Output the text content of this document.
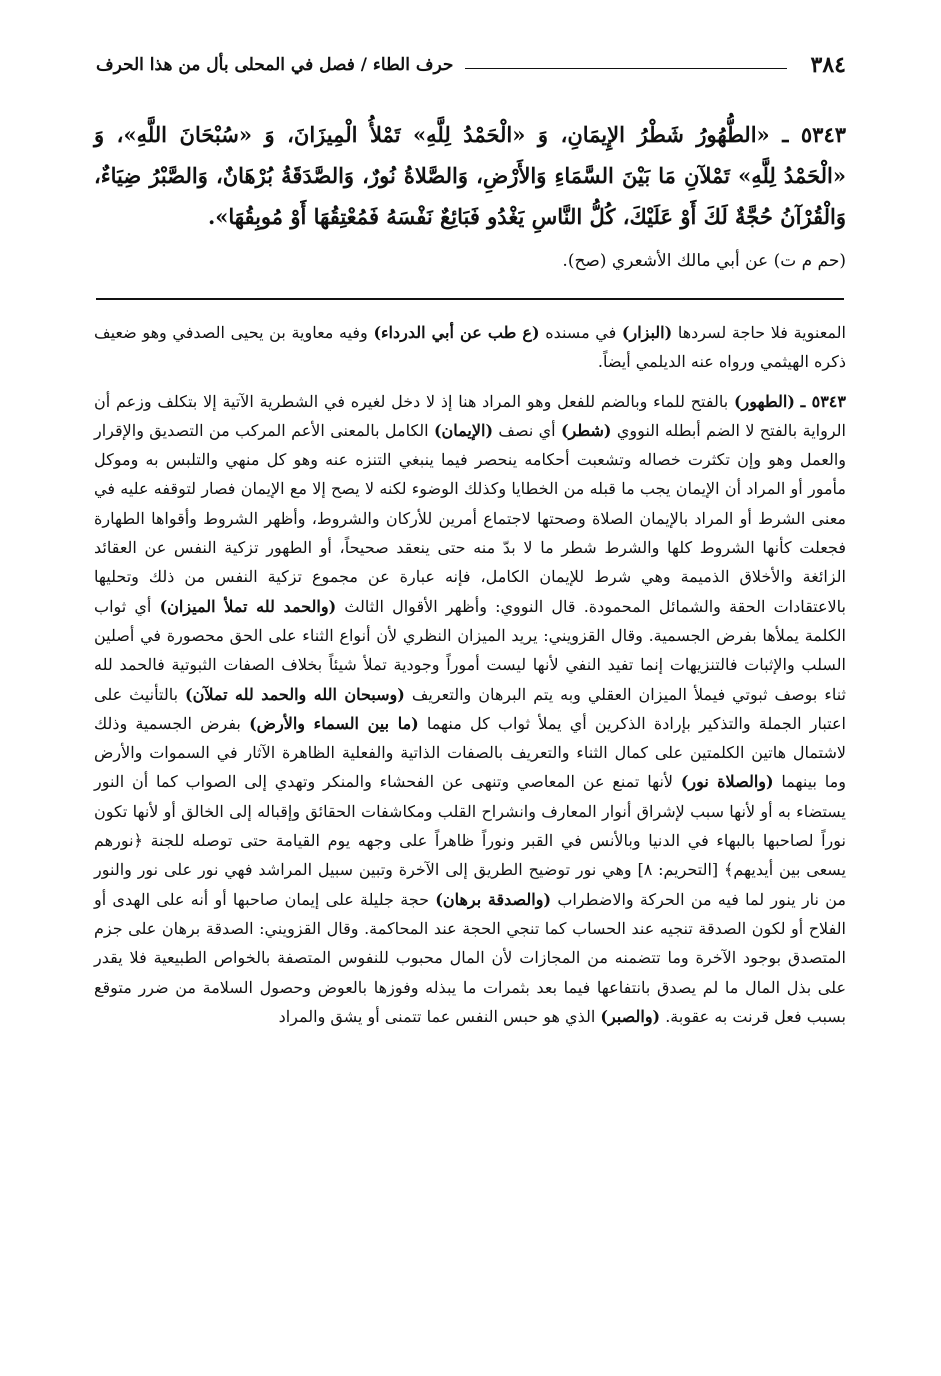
٣٨٤
حرف الطاء / فصل في المحلى بأل من هذا الحرف

٥٣٤٣ ـ «الطُّهُورُ شَطْرُ الإِيمَانِ، وَ «الْحَمْدُ لِلَّهِ» تَمْلأُ الْمِيزَانَ، وَ «سُبْحَانَ اللَّهِ»، وَ «الْحَمْدُ لِلَّهِ» تَمْلآنِ مَا بَيْنَ السَّمَاءِ وَالأَرْضِ، وَالصَّلاةُ نُورٌ، وَالصَّدَقَةُ بُرْهَانٌ، وَالصَّبْرُ ضِيَاءٌ، وَالْقُرْآنُ حُجَّةٌ لَكَ أَوْ عَلَيْكَ، كُلُّ النَّاسِ يَغْدُو فَبَائِعٌ نَفْسَهُ فَمُعْتِقُهَا أَوْ مُوبِقُهَا».

(حم م ت) عن أبي مالك الأشعري (صح).

المعنوية فلا حاجة لسردها (البزار) في مسنده (ع طب عن أبي الدرداء) وفيه معاوية بن يحيى الصدفي وهو ضعيف ذكره الهيثمي ورواه عنه الديلمي أيضاً.

٥٣٤٣ ـ (الطهور) بالفتح للماء وبالضم للفعل وهو المراد هنا إذ لا دخل لغيره في الشطرية الآتية إلا بتكلف وزعم أن الرواية بالفتح لا الضم أبطله النووي (شطر) أي نصف (الإيمان) الكامل بالمعنى الأعم المركب من التصديق والإقرار والعمل وهو وإن تكثرت خصاله وتشعبت أحكامه ينحصر فيما ينبغي التنزه عنه وهو كل منهي والتلبس به وموكل مأمور أو المراد أن الإيمان يجب ما قبله من الخطايا وكذلك الوضوء لكنه لا يصح إلا مع الإيمان فصار لتوقفه عليه في معنى الشرط أو المراد بالإيمان الصلاة وصحتها لاجتماع أمرين للأركان والشروط، وأظهر الشروط وأقواها الطهارة فجعلت كأنها الشروط كلها والشرط شطر ما لا بدّ منه حتى ينعقد صحيحاً، أو الطهور تزكية النفس عن العقائد الزائغة والأخلاق الذميمة وهي شرط للإيمان الكامل، فإنه عبارة عن مجموع تزكية النفس من ذلك وتحليها بالاعتقادات الحقة والشمائل المحمودة. قال النووي: وأظهر الأقوال الثالث (والحمد لله تملأ الميزان) أي ثواب الكلمة يملأها بفرض الجسمية. وقال القزويني: يريد الميزان النظري لأن أنواع الثناء على الحق محصورة في أصلين السلب والإثبات فالتنزيهات إنما تفيد النفي لأنها ليست أموراً وجودية تملأ شيئاً بخلاف الصفات الثبوتية فالحمد لله ثناء بوصف ثبوتي فيملأ الميزان العقلي وبه يتم البرهان والتعريف (وسبحان الله والحمد لله تملآن) بالتأنيث على اعتبار الجملة والتذكير بإرادة الذكرين أي يملأ ثواب كل منهما (ما بين السماء والأرض) بفرض الجسمية وذلك لاشتمال هاتين الكلمتين على كمال الثناء والتعريف بالصفات الذاتية والفعلية الظاهرة الآثار في السموات والأرض وما بينهما (والصلاة نور) لأنها تمنع عن المعاصي وتنهى عن الفحشاء والمنكر وتهدي إلى الصواب كما أن النور يستضاء به أو لأنها سبب لإشراق أنوار المعارف وانشراح القلب ومكاشفات الحقائق وإقباله إلى الخالق أو لأنها تكون نوراً لصاحبها بالبهاء في الدنيا وبالأنس في القبر ونوراً ظاهراً على وجهه يوم القيامة حتى توصله للجنة ﴿نورهم يسعى بين أيديهم﴾ [التحريم: ٨] وهي نور توضيح الطريق إلى الآخرة وتبين سبيل المراشد فهي نور على نور والنور من نار ينور لما فيه من الحركة والاضطراب (والصدقة برهان) حجة جليلة على إيمان صاحبها أو أنه على الهدى أو الفلاح أو لكون الصدقة تنجيه عند الحساب كما تنجي الحجة عند المحاكمة. وقال القزويني: الصدقة برهان على جزم المتصدق بوجود الآخرة وما تتضمنه من المجازات لأن المال محبوب للنفوس المتصفة بالخواص الطبيعية فلا يقدر على بذل المال ما لم يصدق بانتفاعها فيما بعد بثمرات ما يبذله وفوزها بالعوض وحصول السلامة من ضرر متوقع بسبب فعل قرنت به عقوبة. (والصبر) الذي هو حبس النفس عما تتمنى أو يشق والمراد
